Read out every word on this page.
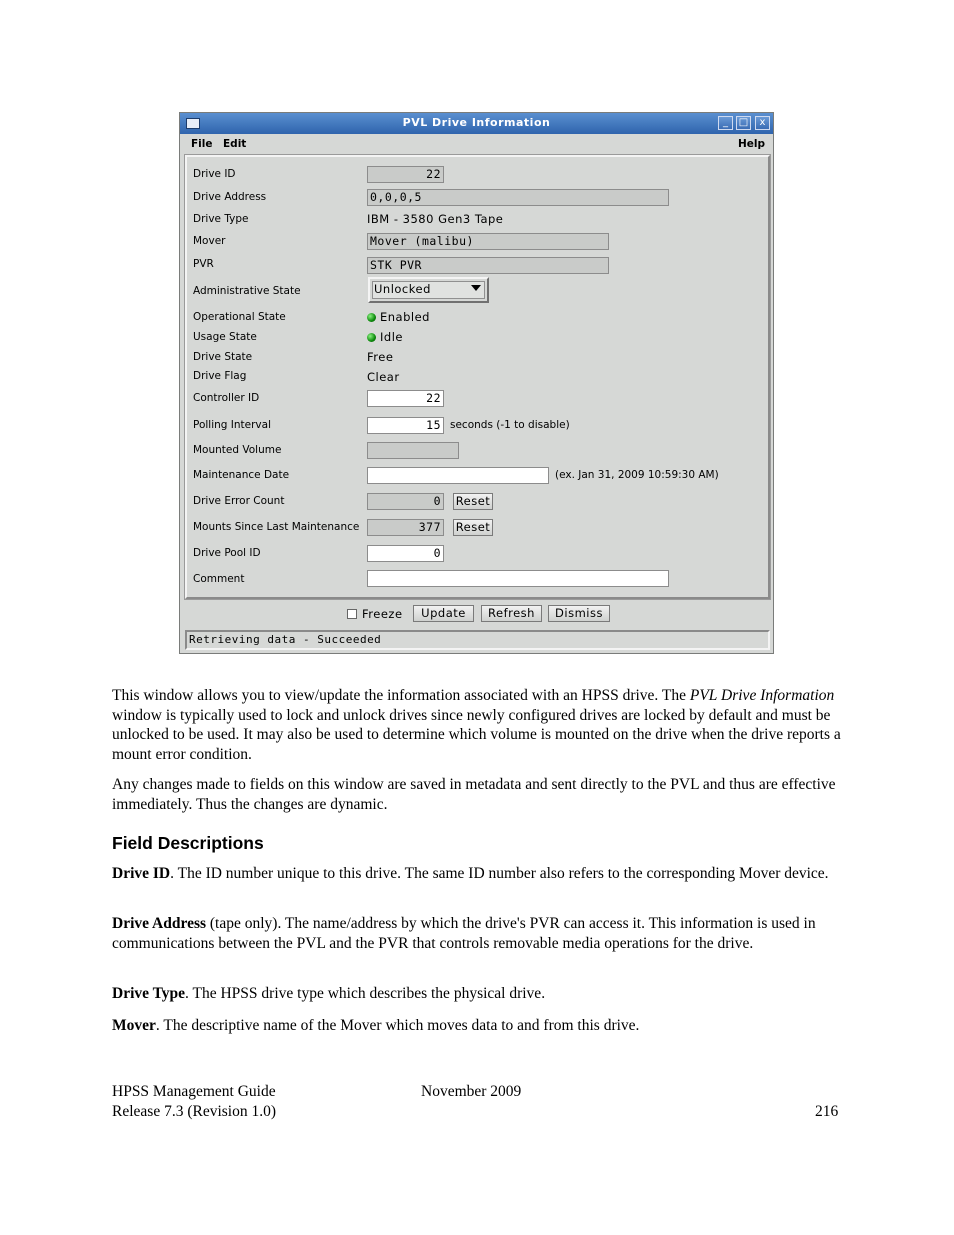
PVL Drive Information	_	□	x
File Edit	Help
Drive ID	22
Drive Address	0,0,0,5
Drive Type	IBM - 3580 Gen3 Tape
Mover	Mover (malibu)
PVR	STK PVR
Administrative State	Unlocked
Operational State	Enabled
Usage State	Idle
Drive State	Free
Drive Flag	Clear
Controller ID	22
Polling Interval	15 seconds (-1 to disable)
Mounted Volume
Maintenance Date	(ex. Jan 31, 2009 10:59:30 AM)
Drive Error Count	0 Reset
Mounts Since Last Maintenance	377 Reset
Drive Pool ID	0
Comment
Freeze	Update	Refresh	Dismiss
Retrieving data - Succeeded
This window allows you to view/update the information associated with an HPSS drive. The PVL Drive Information window is typically used to lock and unlock drives since newly configured drives are locked by default and must be unlocked to be used. It may also be used to determine which volume is mounted on the drive when the drive reports a mount error condition.
Any changes made to fields on this window are saved in metadata and sent directly to the PVL and thus are effective immediately. Thus the changes are dynamic.
Field Descriptions
Drive ID. The ID number unique to this drive. The same ID number also refers to the corresponding Mover device.
Drive Address (tape only). The name/address by which the drive's PVR can access it. This information is used in communications between the PVL and the PVR that controls removable media operations for the drive.
Drive Type. The HPSS drive type which describes the physical drive.
Mover. The descriptive name of the Mover which moves data to and from this drive.
HPSS Management Guide
Release 7.3 (Revision 1.0)
November 2009
216
